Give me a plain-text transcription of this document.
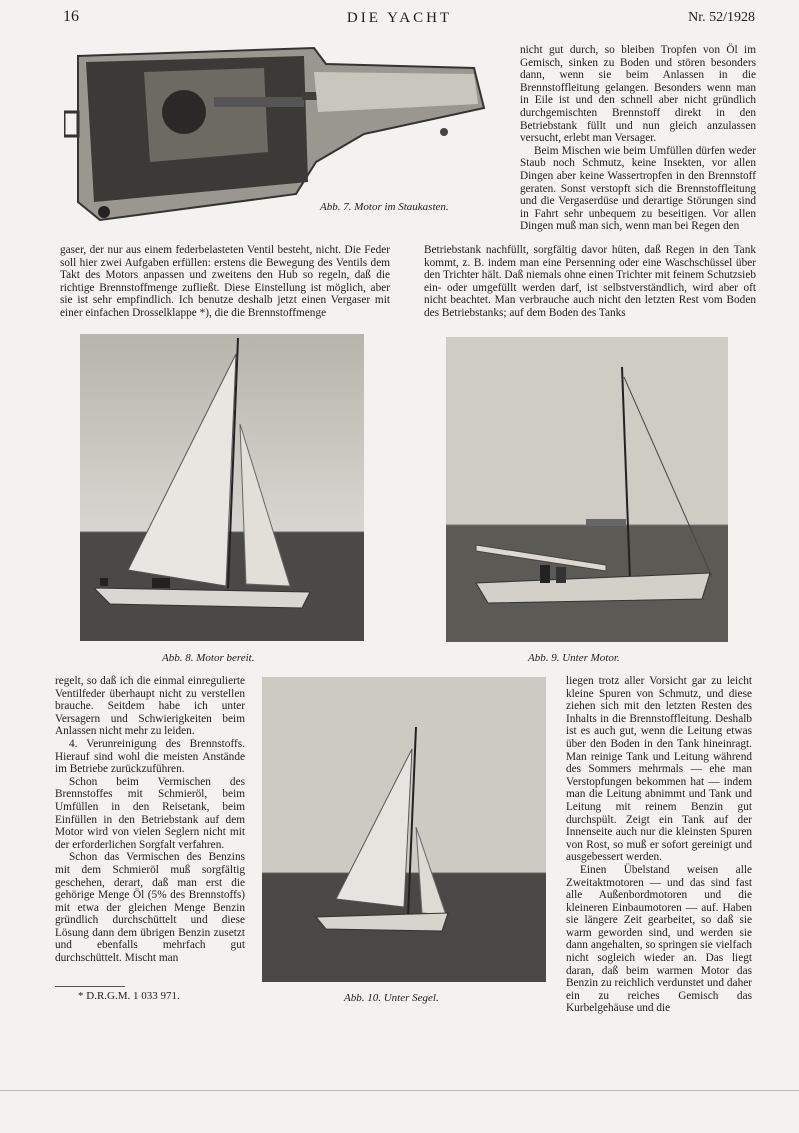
16	DIE YACHT	Nr. 52/1928
Abb. 7. Motor im Staukasten.

nicht gut durch, so bleiben Tropfen von Öl im Gemisch, sinken zu Boden und stören besonders dann, wenn sie beim Anlassen in die Brennstoffleitung gelangen. Besonders wenn man in Eile ist und den schnell aber nicht gründlich durchgemischten Brennstoff direkt in den Betriebstank füllt und nun gleich anzulassen versucht, erlebt man Versager.

Beim Mischen wie beim Umfüllen dürfen weder Staub noch Schmutz, keine Insekten, vor allen Dingen aber keine Wassertropfen in den Brennstoff geraten. Sonst verstopft sich die Brennstoffleitung und die Vergaserdüse und derartige Störungen sind in Fahrt sehr unbequem zu beseitigen. Vor allen Dingen muß man sich, wenn man bei Regen den

gaser, der nur aus einem federbelasteten Ventil besteht, nicht. Die Feder soll hier zwei Aufgaben erfüllen: erstens die Bewegung des Ventils dem Takt des Motors anpassen und zweitens den Hub so regeln, daß die richtige Brennstoffmenge zufließt. Diese Einstellung ist möglich, aber sie ist sehr empfindlich. Ich benutze deshalb jetzt einen Vergaser mit einer einfachen Drosselklappe *), die die Brennstoffmenge

Betriebstank nachfüllt, sorgfältig davor hüten, daß Regen in den Tank kommt, z. B. indem man eine Persenning oder eine Waschschüssel über den Trichter hält. Daß niemals ohne einen Trichter mit feinem Schutzsieb ein- oder umgefüllt werden darf, ist selbstverständlich, wird aber oft nicht beachtet. Man verbrauche auch nicht den letzten Rest vom Boden des Betriebstanks; auf dem Boden des Tanks

Abb. 8. Motor bereit.	Abb. 9. Unter Motor.

regelt, so daß ich die einmal einregulierte Ventilfeder überhaupt nicht zu verstellen brauche. Seitdem habe ich unter Versagern und Schwierigkeiten beim Anlassen nicht mehr zu leiden.

4. Verunreinigung des Brennstoffs. Hierauf sind wohl die meisten Anstände im Betriebe zurückzuführen.

Schon beim Vermischen des Brennstoffes mit Schmieröl, beim Umfüllen in den Reisetank, beim Einfüllen in den Betriebstank auf dem Motor wird von vielen Seglern nicht mit der erforderlichen Sorgfalt verfahren.

Schon das Vermischen des Benzins mit dem Schmieröl muß sorgfältig geschehen, derart, daß man erst die gehörige Menge Öl (5% des Brennstoffs) mit etwa der gleichen Menge Benzin gründlich durchschüttelt und diese Lösung dann dem übrigen Benzin zusetzt und ebenfalls mehrfach gut durchschüttelt. Mischt man

Abb. 10. Unter Segel.

liegen trotz aller Vorsicht gar zu leicht kleine Spuren von Schmutz, und diese ziehen sich mit den letzten Resten des Inhalts in die Brennstoffleitung. Deshalb ist es auch gut, wenn die Leitung etwas über den Boden in den Tank hineinragt. Man reinige Tank und Leitung während des Sommers mehrmals — ehe man Verstopfungen bekommen hat — indem man die Leitung abnimmt und Tank und Leitung mit reinem Benzin gut durchspült. Zeigt ein Tank auf der Innenseite auch nur die kleinsten Spuren von Rost, so muß er sofort gereinigt und ausgebessert werden.

Einen Übelstand weisen alle Zweitaktmotoren — und das sind fast alle Außenbordmotoren und die kleineren Einbaumotoren — auf. Haben sie längere Zeit gearbeitet, so daß sie warm geworden sind, und werden sie dann angehalten, so springen sie vielfach nicht sogleich wieder an. Das liegt daran, daß beim warmen Motor das Benzin zu reichlich verdunstet und daher ein zu reiches Gemisch das Kurbelgehäuse und die

* D.R.G.M. 1 033 971.
